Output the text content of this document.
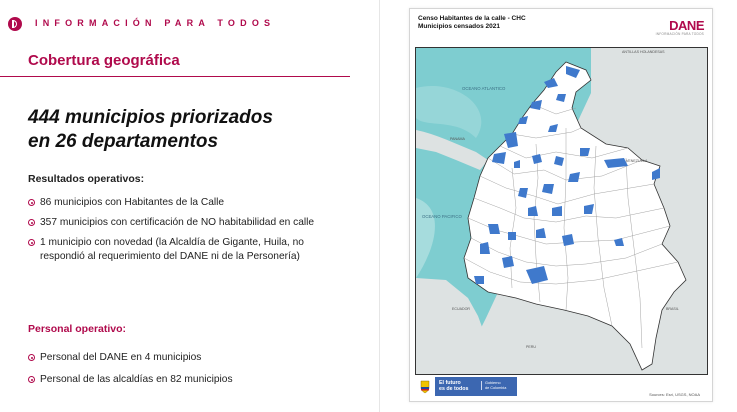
INFORMACIÓN PARA TODOS
Cobertura geográfica
444 municipios priorizados
en 26 departamentos
Resultados operativos:
86 municipios con Habitantes de la Calle
357 municipios con certificación de NO habitabilidad en calle
1 municipio con novedad (la Alcaldía de Gigante, Huila, no respondió al requerimiento del DANE ni de la Personería)
Personal operativo:
Personal del DANE en 4 municipios
Personal de las alcaldías en 82 municipios
Censo Habitantes de la calle - CHC
Municipios censados 2021	DANE
INFORMACIÓN PARA TODOS
OCEANO ATLANTICO
OCEANO PACIFICO
VENEZUELA
ECUADOR
PERU
BRASIL
PANAMA
ANTILLAS HOLANDESAS
El futuro
es de todos
Gobierno
de Colombia
Sources: Esri, USGS, NOAA
